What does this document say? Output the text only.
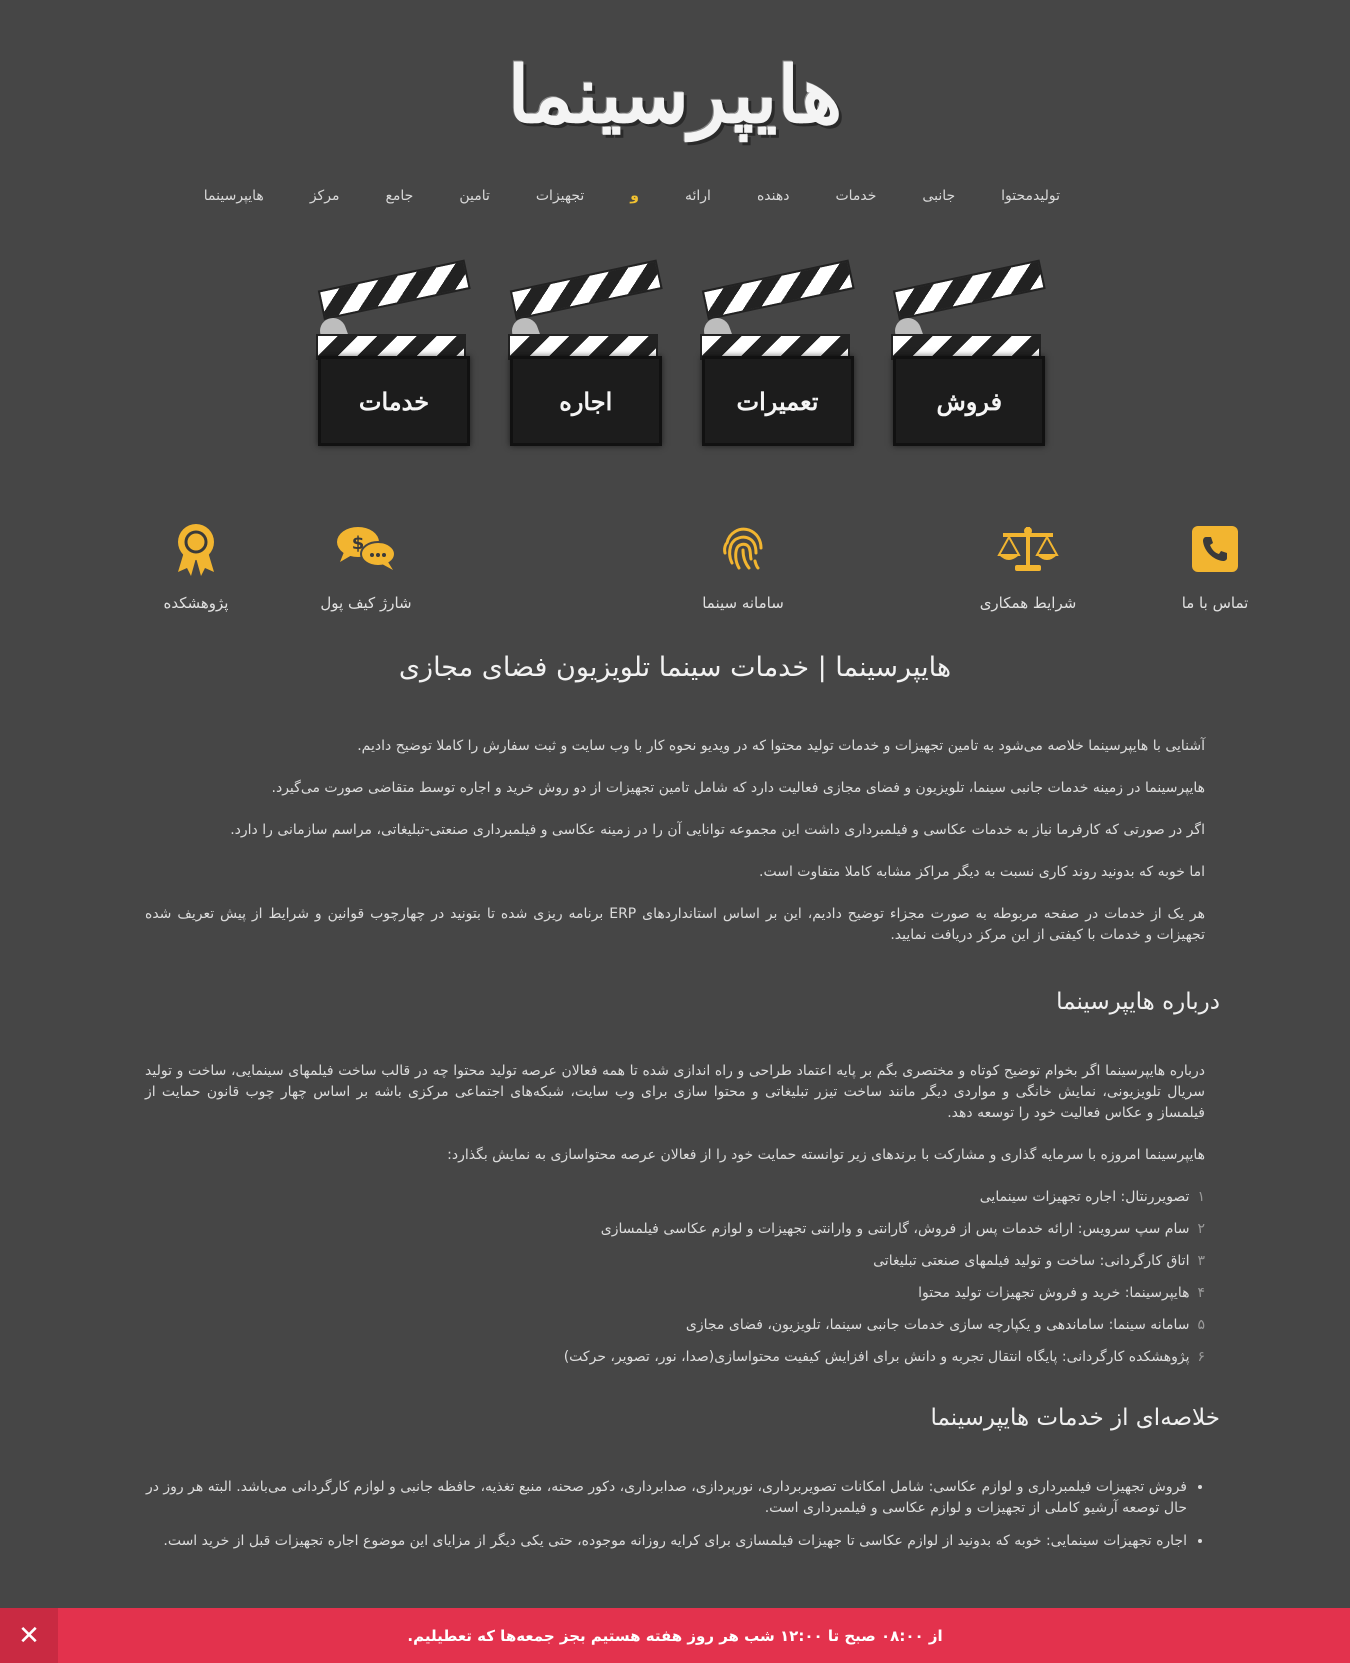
هایپرسینما
هایپرسینما	مرکز	جامع	تامین	تجهیزات	و	ارائه	دهنده	خدمات	جانبی	تولیدمحتوا
فروش
تعمیرات
اجاره
خدمات
تماس با ما
شرایط همکاری
سامانه سینما
$
شارژ کیف پول
پژوهشکده
هایپرسینما | خدمات سینما تلویزیون فضای مجازی

آشنایی با هایپرسینما خلاصه می‌شود به تامین تجهیزات و خدمات تولید محتوا که در ویدیو نحوه کار با وب سایت و ثبت سفارش را کاملا توضیح دادیم.

هایپرسینما در زمینه خدمات جانبی سینما، تلویزیون و فضای مجازی فعالیت دارد که شامل تامین تجهیزات از دو روش خرید و اجاره توسط متقاضی صورت می‌گیرد.

اگر در صورتی که کارفرما نیاز به خدمات عکاسی و فیلمبرداری داشت این مجموعه توانایی آن را در زمینه عکاسی و فیلمبرداری صنعتی-تبلیغاتی، مراسم سازمانی را دارد.

اما خوبه که بدونید روند کاری نسبت به دیگر مراکز مشابه کاملا متفاوت است.

هر یک از خدمات در صفحه مربوطه به صورت مجزاء توضیح دادیم، این بر اساس استانداردهای ERP برنامه ریزی شده تا بتونید در چهارچوب قوانین و شرایط از پیش تعریف شده تجهیزات و خدمات با کیفتی از این مرکز دریافت نمایید.

درباره هایپرسینما

درباره هایپرسینما اگر بخوام توضیح کوتاه و مختصری بگم بر پایه اعتماد طراحی و راه اندازی شده تا همه فعالان عرصه تولید محتوا چه در قالب ساخت فیلمهای سینمایی، ساخت و تولید سریال تلویزیونی، نمایش خانگی و مواردی دیگر مانند ساخت تیزر تبلیغاتی و محتوا سازی برای وب سایت، شبکه‌های اجتماعی مرکزی باشه بر اساس چهار چوب قانون حمایت از فیلمساز و عکاس فعالیت خود را توسعه دهد.

هایپرسینما امروزه با سرمایه گذاری و مشارکت با برندهای زیر توانسته حمایت خود را از فعالان عرصه محتواسازی به نمایش بگذارد:

۱تصویررنتال: اجاره تجهیزات سینمایی
۲سام سپ سرویس: ارائه خدمات پس از فروش، گارانتی و وارانتی تجهیزات و لوازم عکاسی فیلمسازی
۳اتاق کارگردانی: ساخت و تولید فیلمهای صنعتی تبلیغاتی
۴هایپرسینما: خرید و فروش تجهیزات تولید محتوا
۵سامانه سینما: ساماندهی و یکپارچه سازی خدمات جانبی سینما، تلویزیون، فضای مجازی
۶پژوهشکده کارگردانی: پایگاه انتقال تجربه و دانش برای افزایش کیفیت محتواسازی(صدا، نور، تصویر، حرکت)
خلاصه‌ای از خدمات هایپرسینما
• فروش تجهیزات فیلمبرداری و لوازم عکاسی: شامل امکانات تصویربرداری، نورپردازی، صدابرداری، دکور صحنه، منبع تغذیه، حافظه جانبی و لوازم کارگردانی می‌باشد. البته هر روز در حال توصعه آرشیو کاملی از تجهیزات و لوازم عکاسی و فیلمبرداری است.
• اجاره تجهیزات سینمایی: خوبه که بدونید از لوازم عکاسی تا جهیزات فیلمسازی برای کرایه روزانه موجوده، حتی یکی دیگر از مزایای این موضوع اجاره تجهیزات قبل از خرید است.
از ۰۸:۰۰ صبح تا ۱۲:۰۰ شب هر روز هفته هستیم بجز جمعه‌ها که تعطیلیم.
✕
